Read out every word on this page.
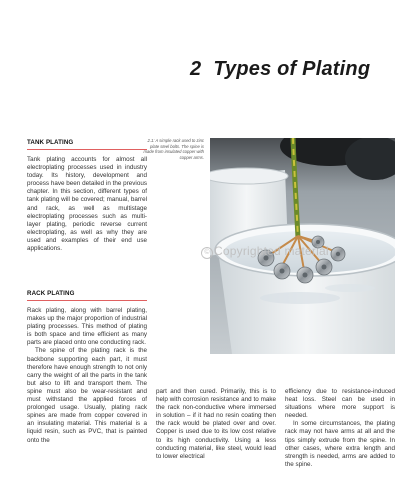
2 Types of Plating
TANK PLATING

Tank plating accounts for almost all electroplating processes used in industry today. Its history, development and process have been detailed in the previous chapter. In this section, different types of tank plating will be covered; manual, barrel and rack, as well as multistage electroplating processes such as multi-layer plating, periodic reverse current electroplating, as well as why they are used and examples of their end use applications.

RACK PLATING

Rack plating, along with barrel plating, makes up the major proportion of industrial plating processes. This method of plating is both space and time efficient as many parts are placed onto one conducting rack.

The spine of the plating rack is the backbone supporting each part, it must therefore have enough strength to not only carry the weight of all the parts in the tank but also to lift and transport them. The spine must also be wear-resistant and must withstand the applied forces of prolonged usage. Usually, plating rack spines are made from copper covered in an insulating material. This material is a liquid resin, such as PVC, that is painted onto the

part and then cured. Primarily, this is to help with corrosion resistance and to make the rack non-conductive where immersed in solution – if it had no resin coating then the rack would be plated over and over. Copper is used due to its low cost relative to its high conductivity. Using a less conducting material, like steel, would lead to lower electrical

efficiency due to resistance-induced heat loss. Steel can be used in situations where more support is needed.

In some circumstances, the plating rack may not have arms at all and the tips simply extrude from the spine. In other cases, where extra length and strength is needed, arms are added to the spine.

2.1: A simple rack used to zinc plate steel bolts. The spine is made from insulated copper with copper arms.
© Copyrighted material
